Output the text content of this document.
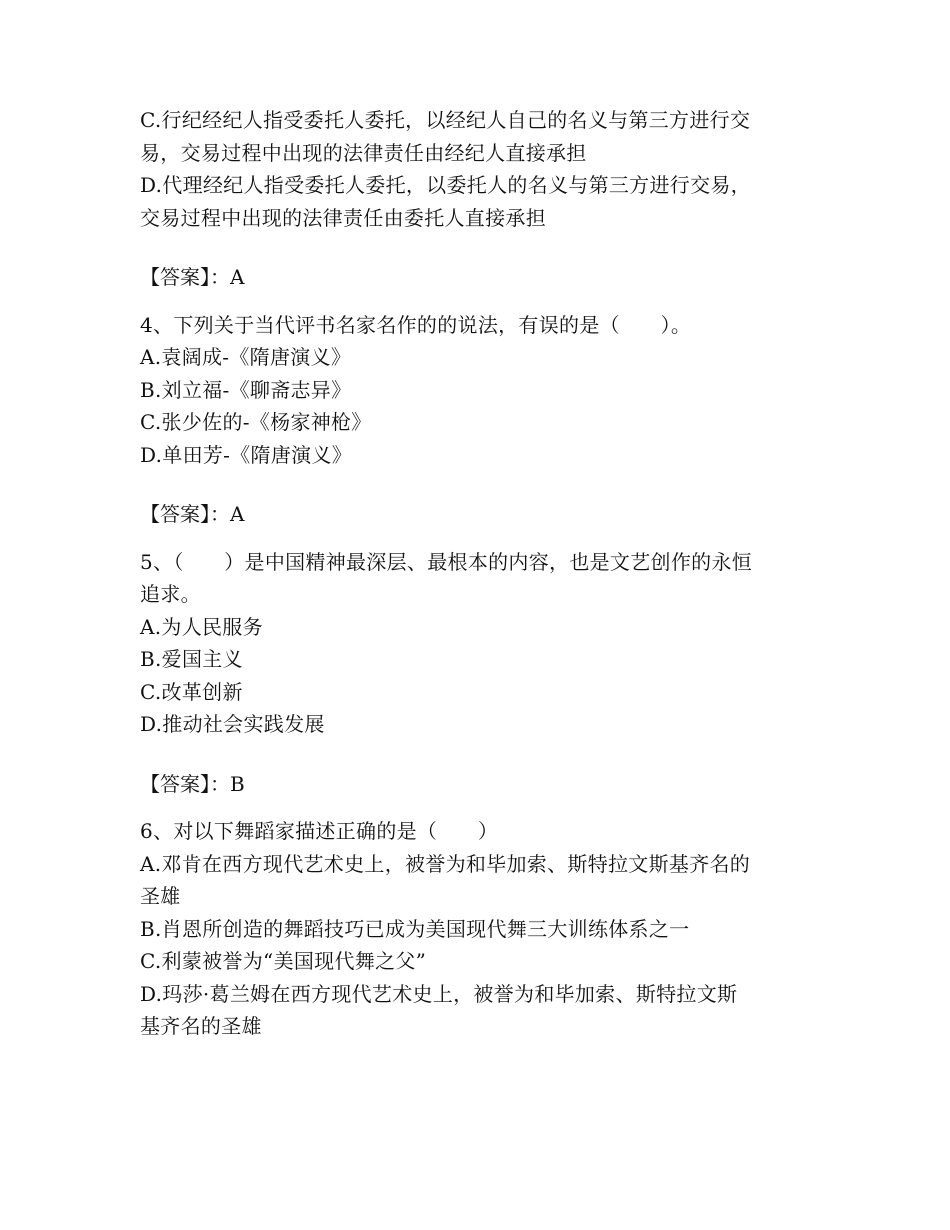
C.行纪经纪人指受委托人委托，以经纪人自己的名义与第三方进行交
易，交易过程中出现的法律责任由经纪人直接承担
D.代理经纪人指受委托人委托，以委托人的名义与第三方进行交易，
交易过程中出现的法律责任由委托人直接承担
【答案】：A
4、下列关于当代评书名家名作的的说法，有误的是（　　）。
A.袁阔成-《隋唐演义》
B.刘立福-《聊斋志异》
C.张少佐的-《杨家神枪》
D.单田芳-《隋唐演义》
【答案】：A
5、（　　）是中国精神最深层、最根本的内容，也是文艺创作的永恒
追求。
A.为人民服务
B.爱国主义
C.改革创新
D.推动社会实践发展
【答案】：B
6、对以下舞蹈家描述正确的是（　　）
A.邓肯在西方现代艺术史上，被誉为和毕加索、斯特拉文斯基齐名的
圣雄
B.肖恩所创造的舞蹈技巧已成为美国现代舞三大训练体系之一
C.利蒙被誉为“美国现代舞之父”
D.玛莎·葛兰姆在西方现代艺术史上，被誉为和毕加索、斯特拉文斯
基齐名的圣雄
